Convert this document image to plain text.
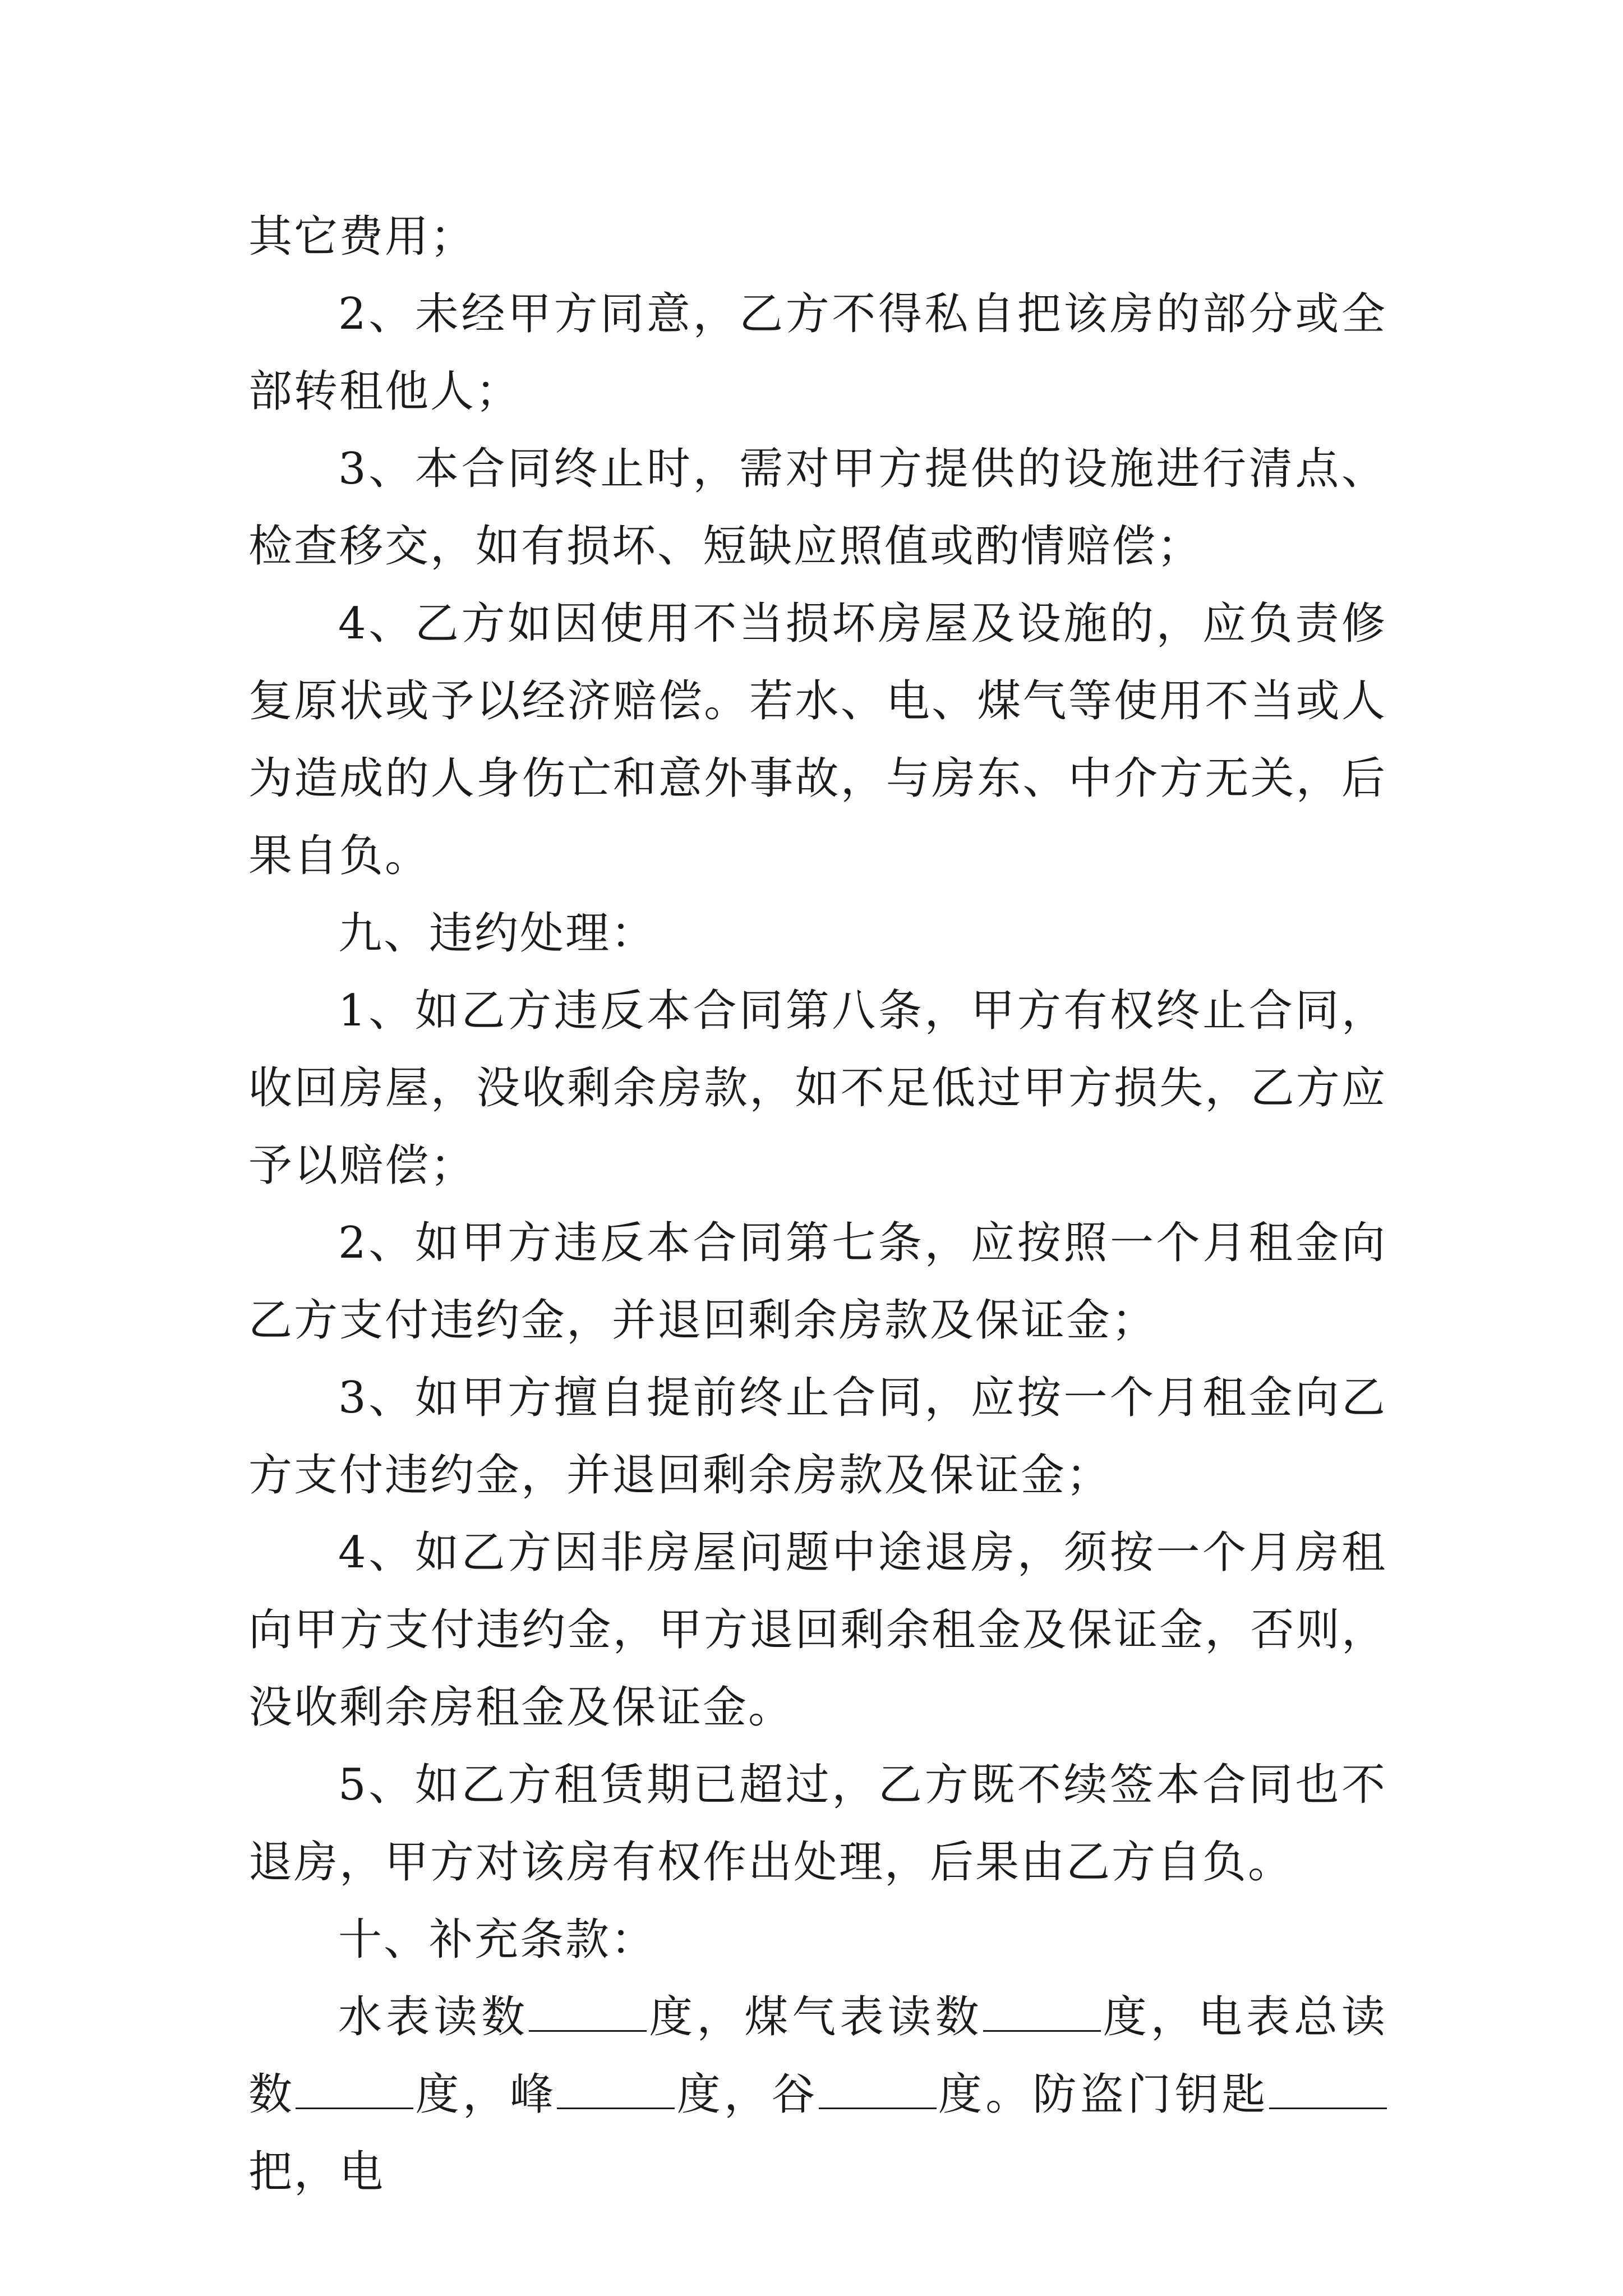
其它费用；

2、未经甲方同意，乙方不得私自把该房的部分或全部转租他人；

3、本合同终止时，需对甲方提供的设施进行清点、检查移交，如有损坏、短缺应照值或酌情赔偿；

4、乙方如因使用不当损坏房屋及设施的，应负责修复原状或予以经济赔偿。若水、电、煤气等使用不当或人为造成的人身伤亡和意外事故，与房东、中介方无关，后果自负。

九、违约处理：

1、如乙方违反本合同第八条，甲方有权终止合同，收回房屋，没收剩余房款，如不足低过甲方损失，乙方应予以赔偿；

2、如甲方违反本合同第七条，应按照一个月租金向乙方支付违约金，并退回剩余房款及保证金；

3、如甲方擅自提前终止合同，应按一个月租金向乙方支付违约金，并退回剩余房款及保证金；

4、如乙方因非房屋问题中途退房，须按一个月房租向甲方支付违约金，甲方退回剩余租金及保证金，否则，没收剩余房租金及保证金。

5、如乙方租赁期已超过，乙方既不续签本合同也不退房，甲方对该房有权作出处理，后果由乙方自负。

十、补充条款：

水表读数	度，煤气表读数	度，电表总读数	度，峰	度，谷	度。防盗门钥匙把，电
